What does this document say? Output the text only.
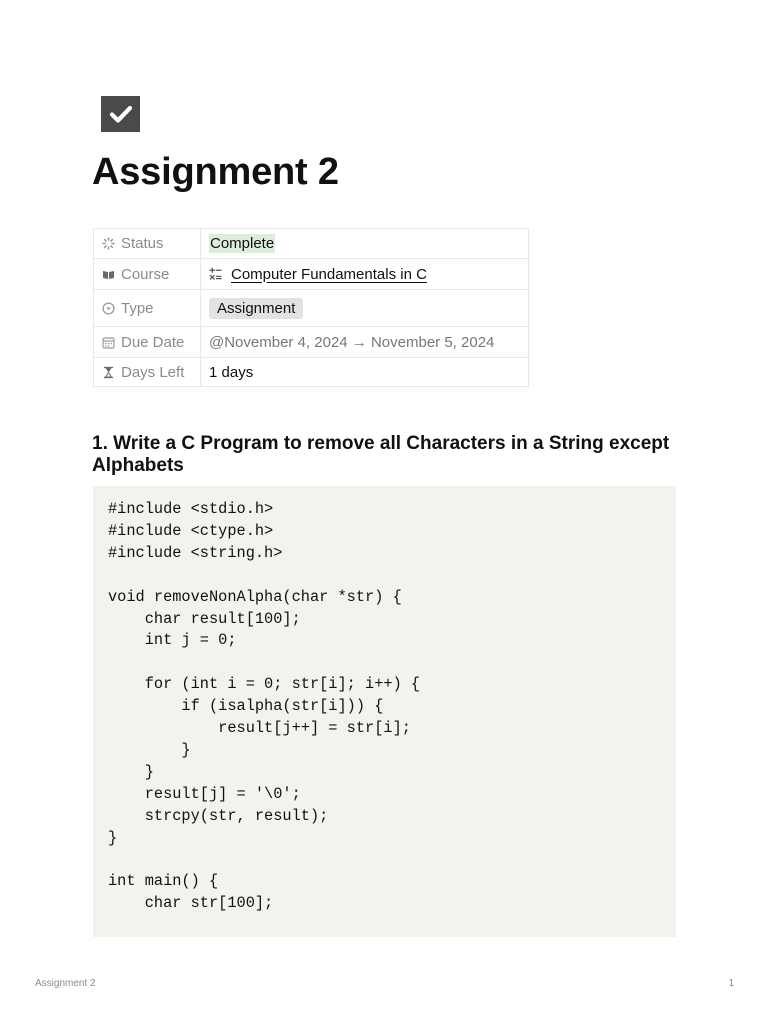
Assignment 2
Status	Complete

Course	Computer Fundamentals in C

Type	Assignment

Due Date	@November 4, 2024 → November 5, 2024

Days Left	1 days
1. Write a C Program to remove all Characters in a String except Alphabets
#include <stdio.h>
#include <ctype.h>
#include <string.h>

void removeNonAlpha(char *str) {
char result[100];
int j = 0;

for (int i = 0; str[i]; i++) {
if (isalpha(str[i])) {
result[j++] = str[i];
}
}
result[j] = '\0';
strcpy(str, result);
}

int main() {
char str[100];
Assignment 2	1
